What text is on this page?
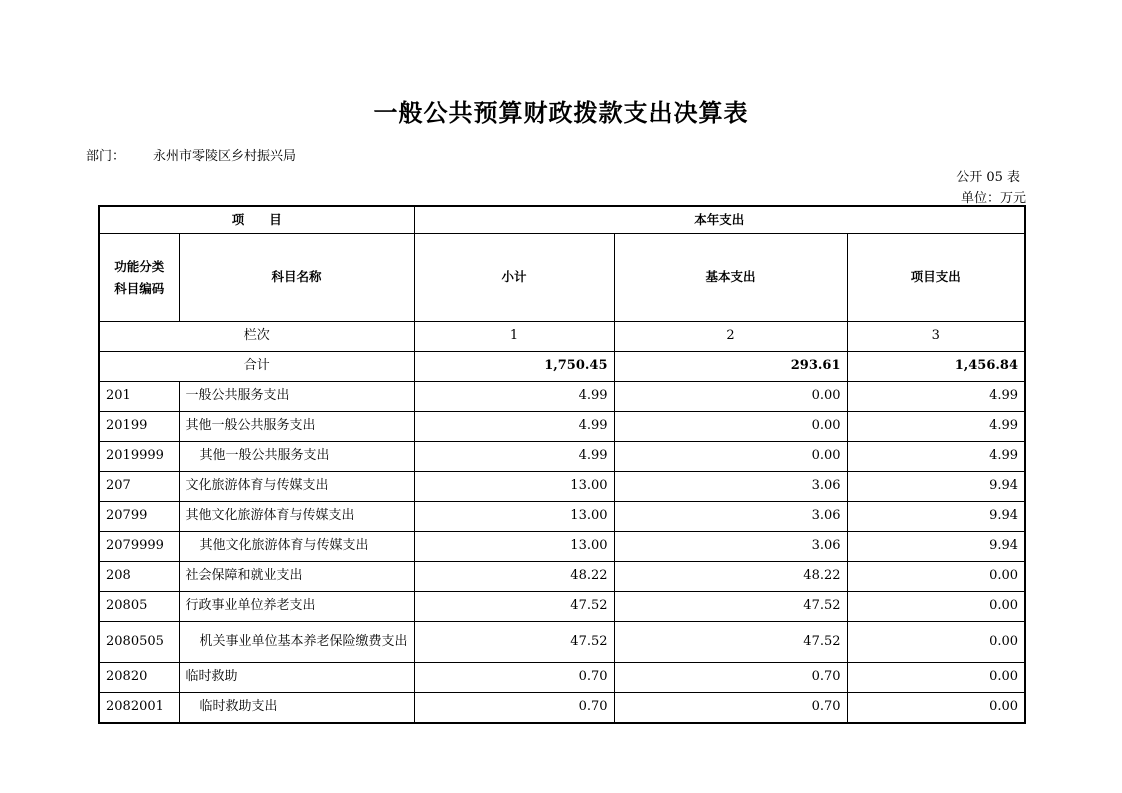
一般公共预算财政拨款支出决算表
部门： 永州市零陵区乡村振兴局
公开 05 表
单位：万元
项　　目		本年支出		
功能分类
科目编码	科目名称	小计	基本支出	项目支出
栏次		1	2	3
合计		1,750.45	293.61	1,456.84
201	一般公共服务支出	4.99	0.00	4.99
20199	其他一般公共服务支出	4.99	0.00	4.99
2019999	其他一般公共服务支出	4.99	0.00	4.99
207	文化旅游体育与传媒支出	13.00	3.06	9.94
20799	其他文化旅游体育与传媒支出	13.00	3.06	9.94
2079999	其他文化旅游体育与传媒支出	13.00	3.06	9.94
208	社会保障和就业支出	48.22	48.22	0.00
20805	行政事业单位养老支出	47.52	47.52	0.00
2080505	机关事业单位基本养老保险缴费支出	47.52	47.52	0.00
20820	临时救助	0.70	0.70	0.00
2082001	临时救助支出	0.70	0.70	0.00
